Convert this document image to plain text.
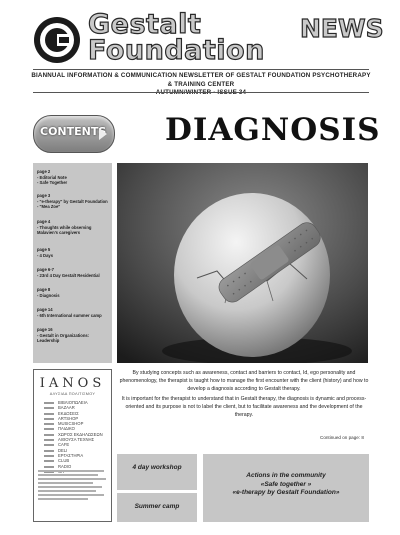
Gestalt
Foundation
NEWS
BIANNUAL INFORMATION & COMMUNICATION NEWSLETTER OF GESTALT FOUNDATION PSYCHOTHERAPY & TRAINING CENTER
CONTENTS DIAGNOSIS
page 2
- Editorial Note
- Safe Together
page 3
- "e-therapy" by Gestalt Foundation
- "Mea Zoe"
page 4
- Thoughts while observing Malavien's caregivers
page 5
- 4 Days
page 6-7
- 23rd 4 Day Gestalt Residential
page 8
- Diagnosis
page 14
- 6th International summer camp
page 16
- Gestalt in Organizations: Leadership

By studying concepts such as awareness, contact and barriers to contact, Id, ego personality and phenomenology, the therapist is taught how to manage the first encounter with the client (history) and how to develop a diagnosis according to Gestalt therapy.

It is important for the therapist to understand that in Gestalt therapy, the diagnosis is dynamic and process-oriented and its purpose is not to label the client, but to facilitate awareness and the development of the therapy.

Continued on page: 8
IANOS
ΑΛΥΣΙΔΑ ΠΟΛΙΤΙΣΜΟΥ
ΒΙΒΛΙΟΠΩΛΕΙΑ
BAZAAR
ΕΚΔΟΣΕΙΣ
ARTSHOP
MUSICSHOP
ΠΑΙΔΙΚΟ
ΧΩΡΟΣ ΕΚΔΗΛΩΣΕΩΝ
ΑΙΘΟΥΣΑ ΤΕΧΝΗΣ
CAFE
DELI
ΕΡΓΑΣΤΗΡΙΑ
CLUB
RADIO	4 day workshop
Summer camp
Actions in the community
«Safe together »
«e-therapy by Gestalt Foundation»
